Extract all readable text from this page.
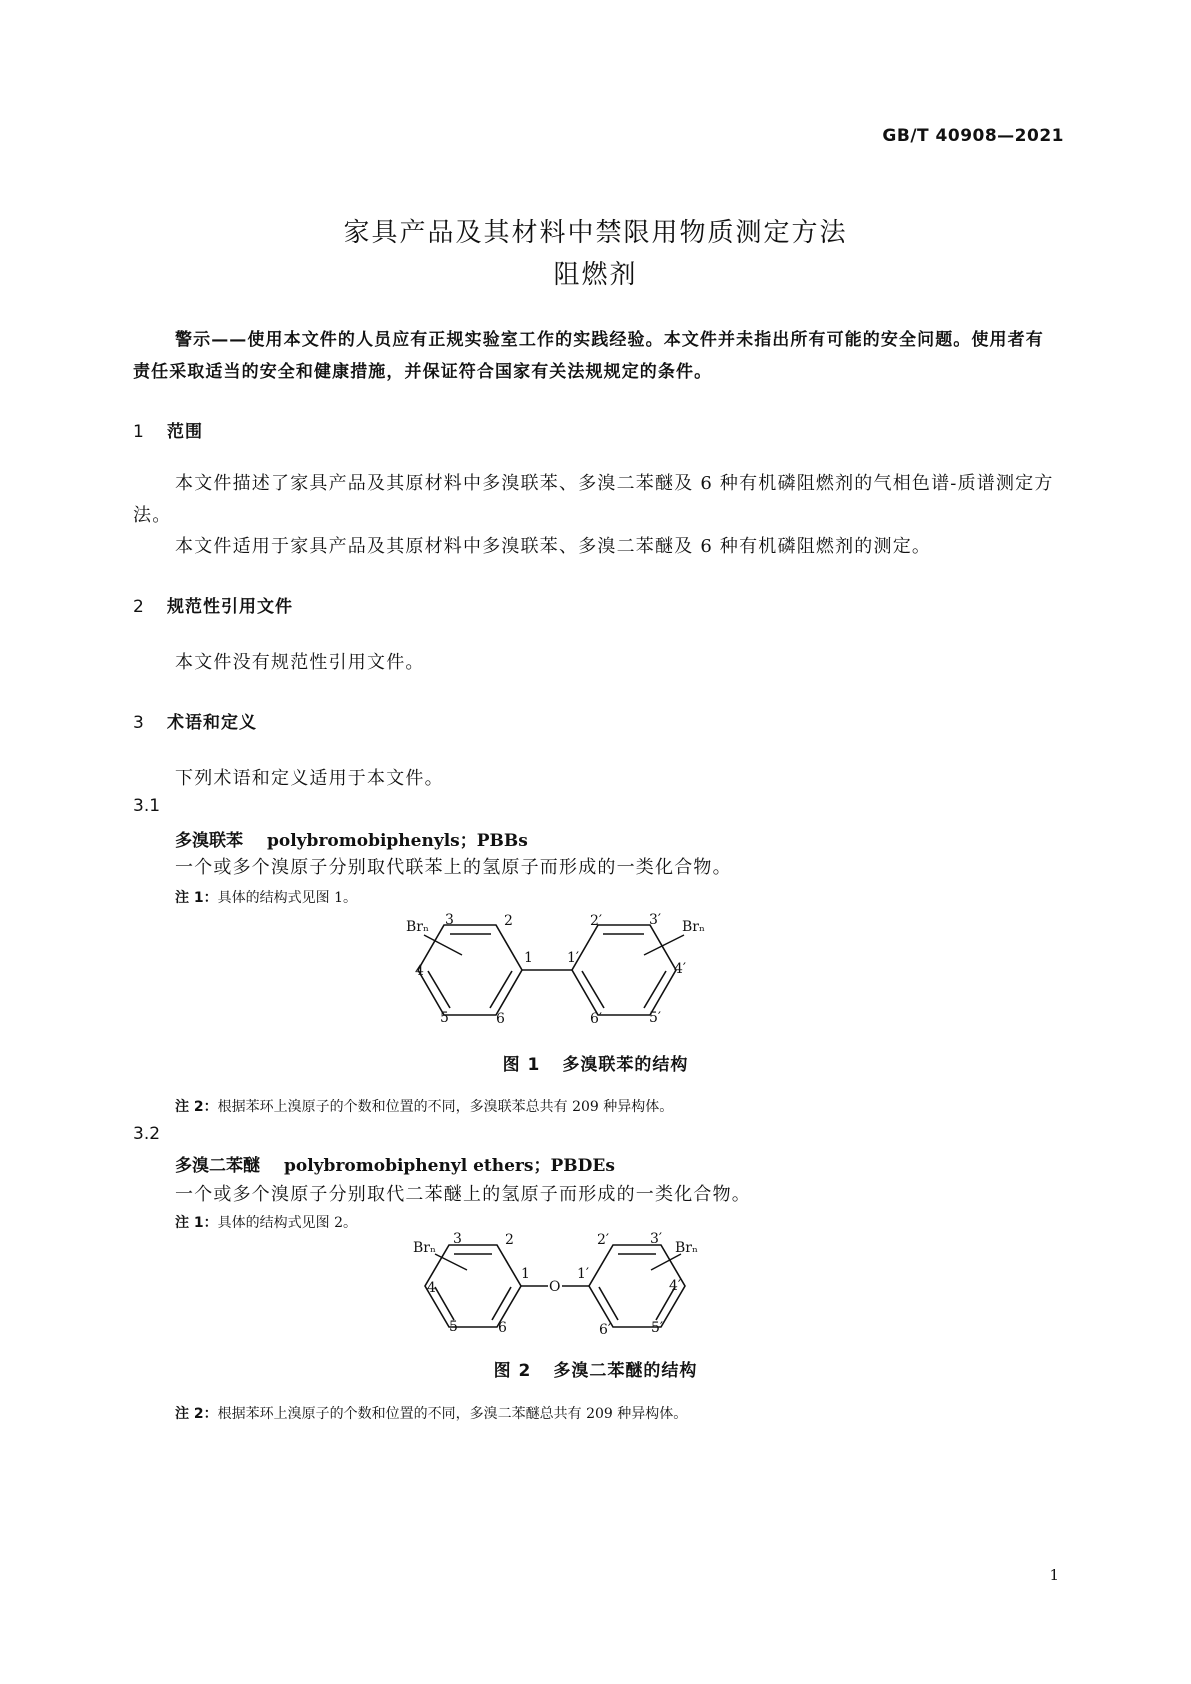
GB/T 40908—2021
家具产品及其材料中禁限用物质测定方法
阻燃剂
警示——使用本文件的人员应有正规实验室工作的实践经验。本文件并未指出所有可能的安全问题。使用者有责任采取适当的安全和健康措施，并保证符合国家有关法规规定的条件。
1 范围
本文件描述了家具产品及其原材料中多溴联苯、多溴二苯醚及 6 种有机磷阻燃剂的气相色谱-质谱测定方法。
本文件适用于家具产品及其原材料中多溴联苯、多溴二苯醚及 6 种有机磷阻燃剂的测定。
2 规范性引用文件
本文件没有规范性引用文件。
3 术语和定义
下列术语和定义适用于本文件。
3.1
多溴联苯 polybromobiphenyls；PBBs
一个或多个溴原子分别取代联苯上的氢原子而形成的一类化合物。
注 1：具体的结构式见图 1。
Brₙ	Brₙ
1
2
3
4
5	6
1′
2′	3′
4′
5′
6′
图 1 多溴联苯的结构
注 2：根据苯环上溴原子的个数和位置的不同，多溴联苯总共有 209 种异构体。
3.2
多溴二苯醚 polybromobiphenyl ethers；PBDEs
一个或多个溴原子分别取代二苯醚上的氢原子而形成的一类化合物。
注 1：具体的结构式见图 2。
O
Brₙ	Brₙ
1
2
3
4
5	6
1′
2′	3′
4′
5′
6′
图 2 多溴二苯醚的结构
注 2：根据苯环上溴原子的个数和位置的不同，多溴二苯醚总共有 209 种异构体。
1
